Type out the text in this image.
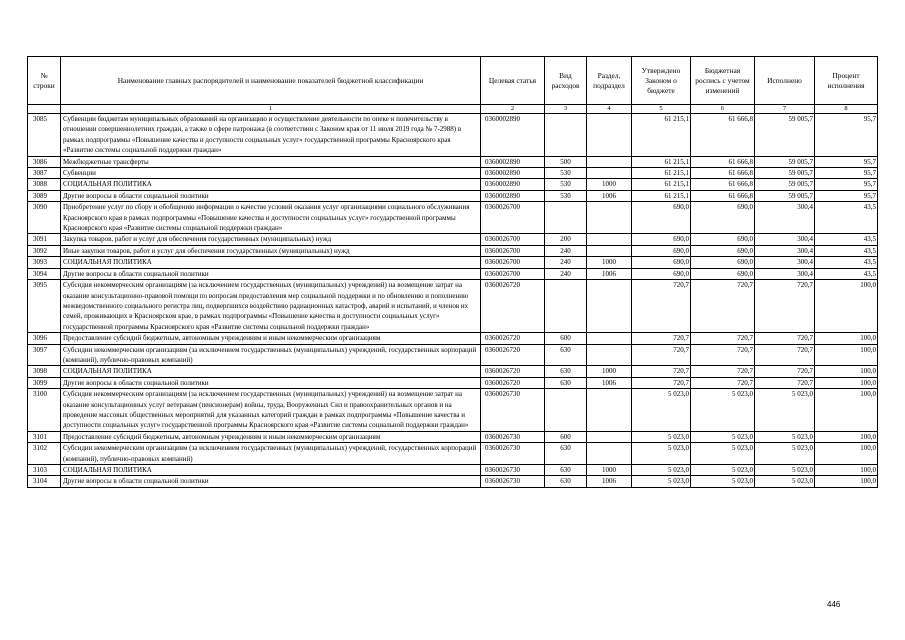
№ строки	Наименование главных распорядителей и наименование показателей бюджетной классификации	Целевая статья	Вид расходов	Раздел, подраздел	Утверждено Законом о бюджете	Бюджетная роспись с учетом изменений	Исполнено	Процент исполнения
	1	2	3	4	5	6	7	8
3085	Субвенции бюджетам муниципальных образований на организацию и осуществление деятельности по опеке и попечительству в отношении совершеннолетних граждан, а также в сфере патронажа (в соответствии с Законом края от 11 июля 2019 года № 7-2988) в рамках подпрограммы «Повышение качества и доступности социальных услуг» государственной программы Красноярского края «Развитие системы социальной поддержки граждан»	0360002890			61 215,1	61 666,8	59 005,7	95,7
3086	Межбюджетные трансферты	0360002890	500		61 215,1	61 666,8	59 005,7	95,7
3087	Субвенции	0360002890	530		61 215,1	61 666,8	59 005,7	95,7
3088	СОЦИАЛЬНАЯ ПОЛИТИКА	0360002890	530	1000	61 215,1	61 666,8	59 005,7	95,7
3089	Другие вопросы в области социальной политики	0360002890	530	1006	61 215,1	61 666,8	59 005,7	95,7
3090	Приобретение услуг по сбору и обобщению информации о качестве условий оказания услуг организациями социального обслуживания Красноярского края в рамках подпрограммы «Повышение качества и доступности социальных услуг» государственной программы Красноярского края «Развитие системы социальной поддержки граждан»	0360026700			690,0	690,0	300,4	43,5
3091	Закупка товаров, работ и услуг для обеспечения государственных (муниципальных) нужд	0360026700	200		690,0	690,0	300,4	43,5
3092	Иные закупки товаров, работ и услуг для обеспечения государственных (муниципальных) нужд	0360026700	240		690,0	690,0	300,4	43,5
3093	СОЦИАЛЬНАЯ ПОЛИТИКА	0360026700	240	1000	690,0	690,0	300,4	43,5
3094	Другие вопросы в области социальной политики	0360026700	240	1006	690,0	690,0	300,4	43,5
3095	Субсидия некоммерческим организациям (за исключением государственных (муниципальных) учреждений) на возмещение затрат на оказание консультационно-правовой помощи по вопросам предоставления мер социальной поддержки и по обновлению и пополнению межведомственного социального регистра лиц, подвергшихся воздействию радиационных катастроф, аварий и испытаний, и членов их семей, проживающих в Красноярском крае, в рамках подпрограммы «Повышение качества и доступности социальных услуг» государственной программы Красноярского края «Развитие системы социальной поддержки граждан»	0360026720			720,7	720,7	720,7	100,0
3096	Предоставление субсидий бюджетным, автономным учреждениям и иным некоммерческим организациям	0360026720	600		720,7	720,7	720,7	100,0
3097	Субсидии некоммерческим организациям (за исключением государственных (муниципальных) учреждений, государственных корпораций (компаний), публично-правовых компаний)	0360026720	630		720,7	720,7	720,7	100,0
3098	СОЦИАЛЬНАЯ ПОЛИТИКА	0360026720	630	1000	720,7	720,7	720,7	100,0
3099	Другие вопросы в области социальной политики	0360026720	630	1006	720,7	720,7	720,7	100,0
3100	Субсидия некоммерческим организациям (за исключением государственных (муниципальных) учреждений) на возмещение затрат на оказание консультационных услуг ветеранам (пенсионерам) войны, труда, Вооруженных Сил и правоохранительных органов и на проведение массовых общественных мероприятий для указанных категорий граждан в рамках подпрограммы «Повышение качества и доступности социальных услуг» государственной программы Красноярского края «Развитие системы социальной поддержки граждан»	0360026730			5 023,0	5 023,0	5 023,0	100,0
3101	Предоставление субсидий бюджетным, автономным учреждениям и иным некоммерческим организациям	0360026730	600		5 023,0	5 023,0	5 023,0	100,0
3102	Субсидии некоммерческим организациям (за исключением государственных (муниципальных) учреждений, государственных корпораций (компаний), публично-правовых компаний)	0360026730	630		5 023,0	5 023,0	5 023,0	100,0
3103	СОЦИАЛЬНАЯ ПОЛИТИКА	0360026730	630	1000	5 023,0	5 023,0	5 023,0	100,0
3104	Другие вопросы в области социальной политики	0360026730	630	1006	5 023,0	5 023,0	5 023,0	100,0
446
